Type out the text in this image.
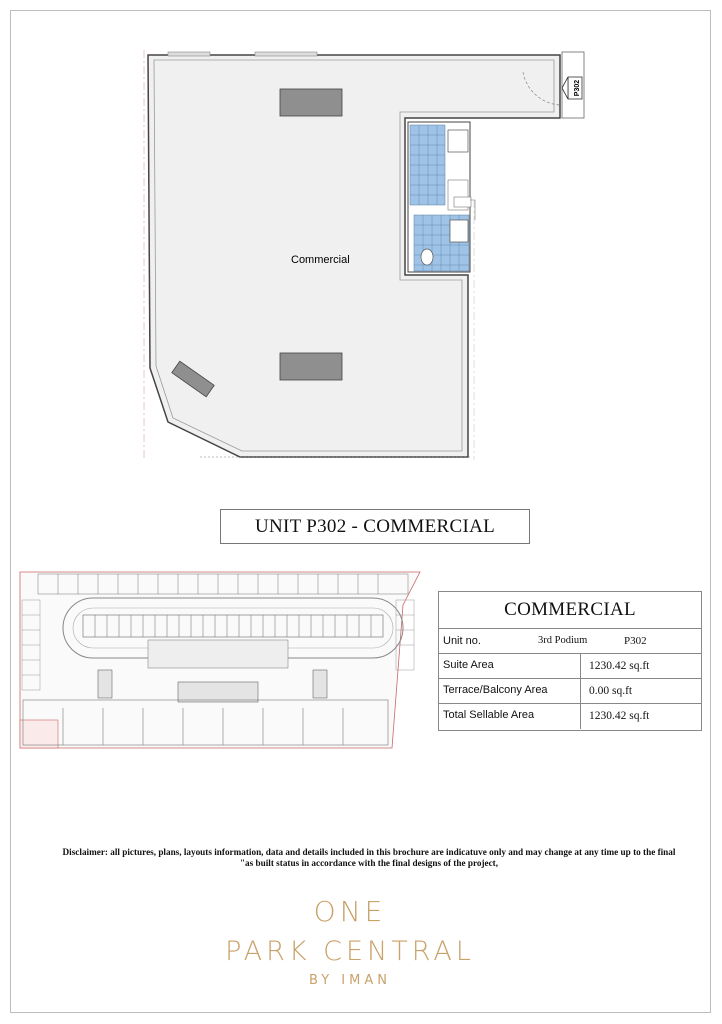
Commercial
P302
UNIT P302 - COMMERCIAL
COMMERCIAL
Unit no.	3rd Podium	P302
Suite Area	1230.42 sq.ft
Terrace/Balcony Area	0.00 sq.ft
Total Sellable Area	1230.42 sq.ft
Disclaimer: all pictures, plans, layouts information, data and details included in this brochure are indicatuve only and may change at any time up to the final
"as built status in accordance with the final designs of the project,
ONE
PARK CENTRAL
BY IMAN
